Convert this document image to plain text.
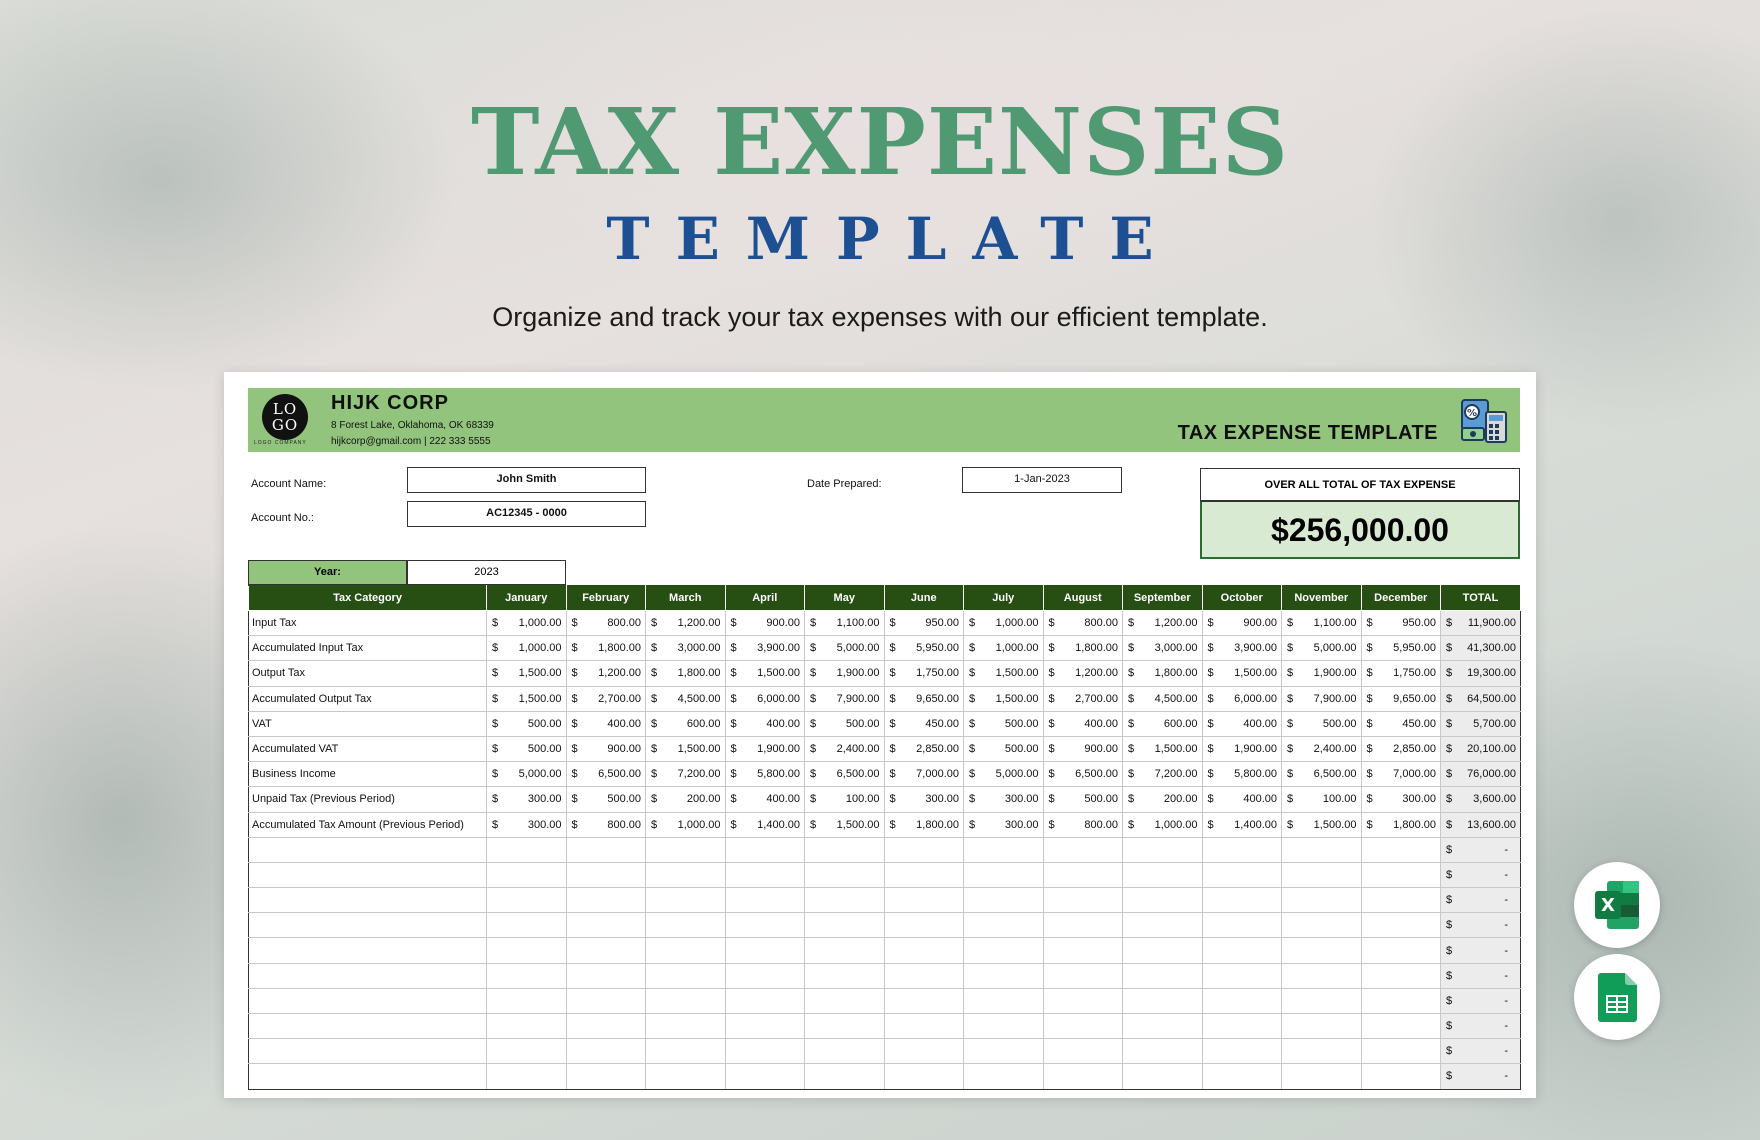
TAX EXPENSES
TEMPLATE
Organize and track your tax expenses with our efficient template.
LO
GO
LOGO COMPANY
HIJK CORP
8 Forest Lake, Oklahoma, OK 68339
hijkcorp@gmail.com | 222 333 5555	TAX EXPENSE TEMPLATE
%
Account Name:	John Smith
Account No.:	AC12345 - 0000
Date Prepared:	1-Jan-2023	OVER ALL TOTAL OF TAX EXPENSE
$256,000.00
Year:	2023
Tax Category	January	February	March	April	May	June	July	August	September	October	November	December	TOTAL
Input Tax	$ 1,000.00	$ 800.00	$ 1,200.00	$ 900.00	$ 1,100.00	$ 950.00	$ 1,000.00	$ 800.00	$ 1,200.00	$ 900.00	$ 1,100.00	$ 950.00	$ 11,900.00
Accumulated Input Tax	$ 1,000.00	$ 1,800.00	$ 3,000.00	$ 3,900.00	$ 5,000.00	$ 5,950.00	$ 1,000.00	$ 1,800.00	$ 3,000.00	$ 3,900.00	$ 5,000.00	$ 5,950.00	$ 41,300.00
Output Tax	$ 1,500.00	$ 1,200.00	$ 1,800.00	$ 1,500.00	$ 1,900.00	$ 1,750.00	$ 1,500.00	$ 1,200.00	$ 1,800.00	$ 1,500.00	$ 1,900.00	$ 1,750.00	$ 19,300.00
Accumulated Output Tax	$ 1,500.00	$ 2,700.00	$ 4,500.00	$ 6,000.00	$ 7,900.00	$ 9,650.00	$ 1,500.00	$ 2,700.00	$ 4,500.00	$ 6,000.00	$ 7,900.00	$ 9,650.00	$ 64,500.00
VAT	$ 500.00	$ 400.00	$ 600.00	$ 400.00	$ 500.00	$ 450.00	$ 500.00	$ 400.00	$ 600.00	$ 400.00	$ 500.00	$ 450.00	$ 5,700.00
Accumulated VAT	$ 500.00	$ 900.00	$ 1,500.00	$ 1,900.00	$ 2,400.00	$ 2,850.00	$ 500.00	$ 900.00	$ 1,500.00	$ 1,900.00	$ 2,400.00	$ 2,850.00	$ 20,100.00
Business Income	$ 5,000.00	$ 6,500.00	$ 7,200.00	$ 5,800.00	$ 6,500.00	$ 7,000.00	$ 5,000.00	$ 6,500.00	$ 7,200.00	$ 5,800.00	$ 6,500.00	$ 7,000.00	$ 76,000.00
Unpaid Tax (Previous Period)	$ 300.00	$ 500.00	$ 200.00	$ 400.00	$ 100.00	$ 300.00	$ 300.00	$ 500.00	$ 200.00	$ 400.00	$ 100.00	$ 300.00	$ 3,600.00
Accumulated Tax Amount (Previous Period)	$ 300.00	$ 800.00	$ 1,000.00	$ 1,400.00	$ 1,500.00	$ 1,800.00	$ 300.00	$ 800.00	$ 1,000.00	$ 1,400.00	$ 1,500.00	$ 1,800.00	$ 13,600.00

													$ -

													$ -

													$ -

													$ -

													$ -

													$ -

													$ -

													$ -

													$ -

													$ -
X
